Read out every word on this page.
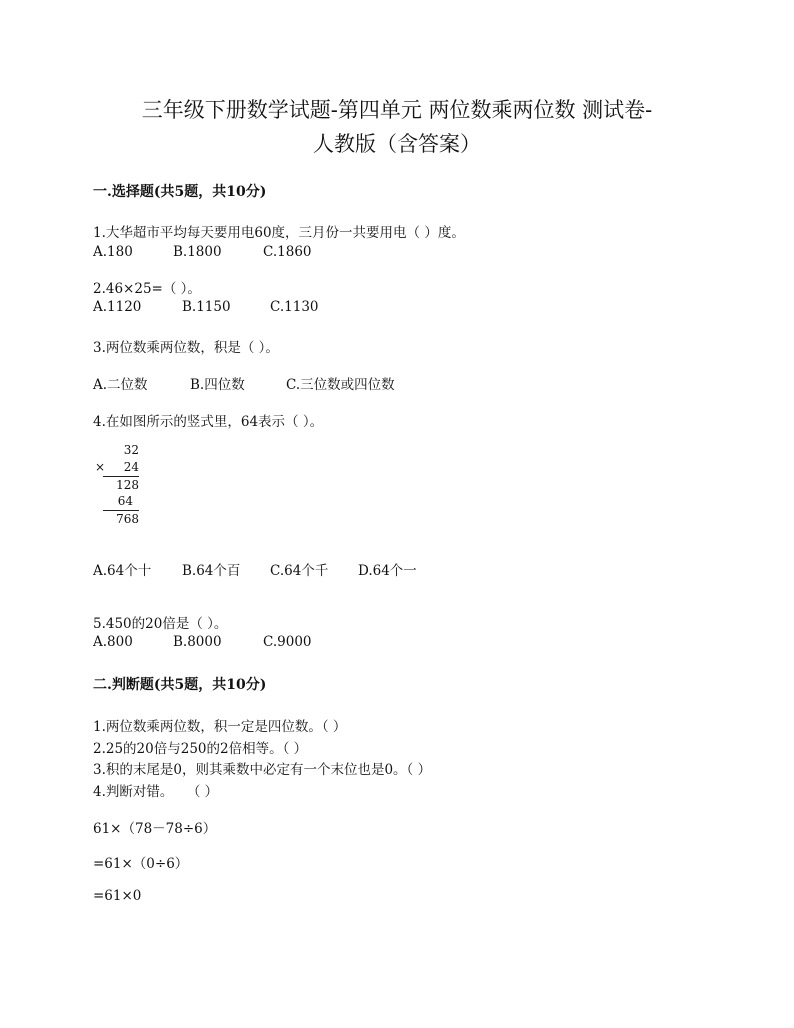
三年级下册数学试题-第四单元 两位数乘两位数 测试卷-
人教版（含答案）
一.选择题(共5题，共10分)
1.大华超市平均每天要用电60度，三月份一共要用电（ ）度。
A.180	B.1800	C.1860
2.46×25=（ ）。
A.1120	B.1150	C.1130
3.两位数乘两位数，积是（ ）。
A.二位数	B.四位数	C.三位数或四位数
4.在如图所示的竖式里，64表示（ ）。
32
× 24
128
64
768
A.64个十 B.64个百 C.64个千 D.64个一
5.450的20倍是（ ）。
A.800	B.8000	C.9000
二.判断题(共5题，共10分)
1.两位数乘两位数，积一定是四位数。（ ）
2.25的20倍与250的2倍相等。（ ）
3.积的末尾是0，则其乘数中必定有一个末位也是0。（ ）
4.判断对错。　　（ ）
61×（78－78÷6）
=61×（0÷6）
=61×0
